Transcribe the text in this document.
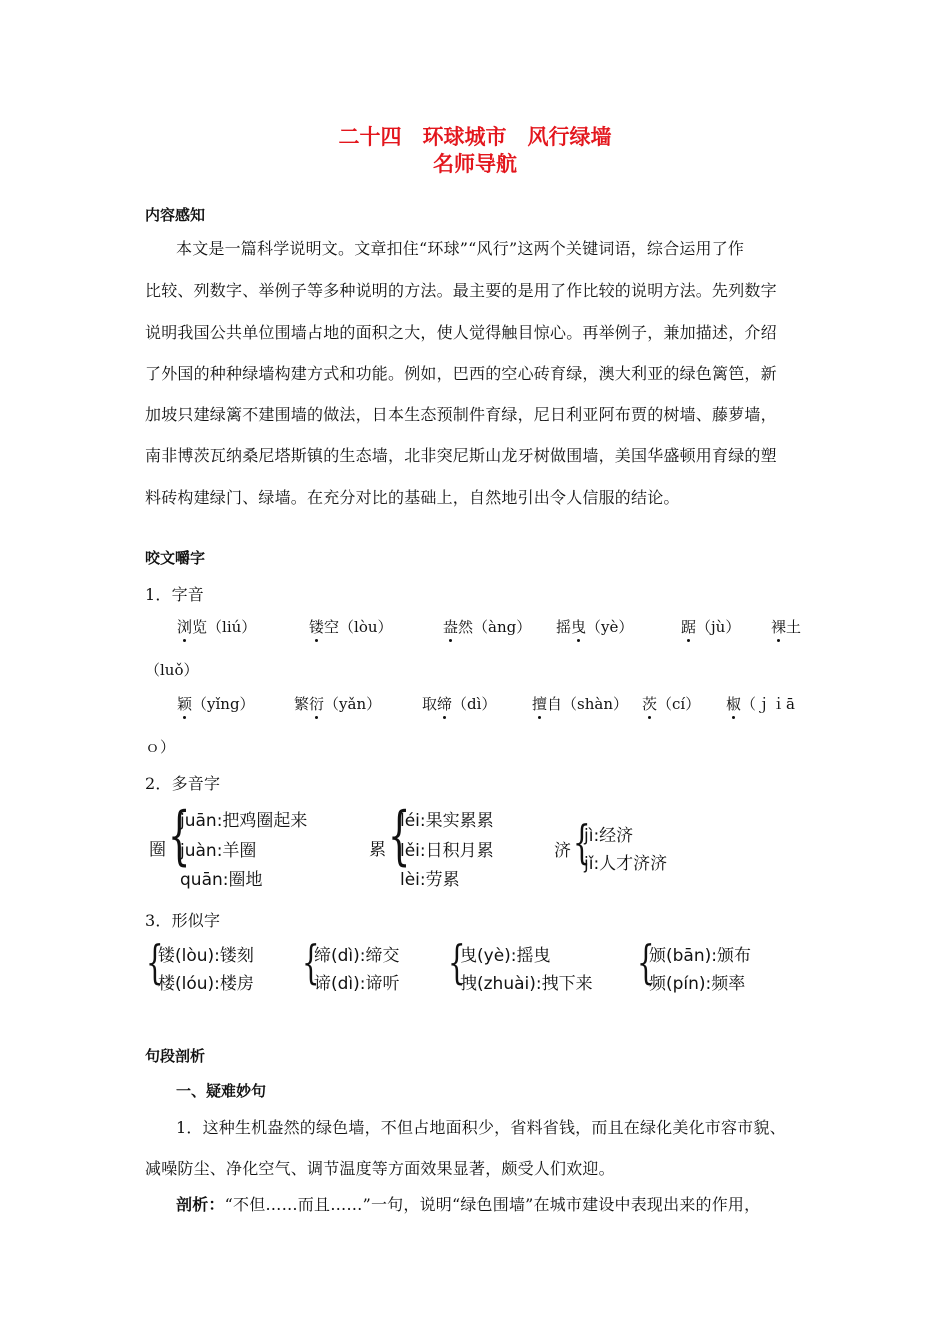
二十四　环球城市　风行绿墙
名师导航
内容感知
本文是一篇科学说明文。文章扣住“环球”“风行”这两个关键词语，综合运用了作
比较、列数字、举例子等多种说明的方法。最主要的是用了作比较的说明方法。先列数字
说明我国公共单位围墙占地的面积之大，使人觉得触目惊心。再举例子，兼加描述，介绍
了外国的种种绿墙构建方式和功能。例如，巴西的空心砖育绿，澳大利亚的绿色篱笆，新
加坡只建绿篱不建围墙的做法，日本生态预制件育绿，尼日利亚阿布贾的树墙、藤萝墙，
南非博茨瓦纳桑尼塔斯镇的生态墙，北非突尼斯山龙牙树做围墙，美国华盛顿用育绿的塑
料砖构建绿门、绿墙。在充分对比的基础上，自然地引出令人信服的结论。
咬文嚼字
1．字音
浏览（liú）	镂空（lòu）	盎然（àng） 摇曳（yè）	踞（jù） 裸土
（luǒ）
颖（yǐng）	繁衍（yǎn）	取缔（dì） 擅自（shàn） 茨（cí） 椒（ｊｉā
ｏ）
2．多音字
圈 {
juān:把鸡圈起来
juàn:羊圈
quān:圈地
累 {
léi:果实累累
lěi:日积月累
lèi:劳累
济 {
jì:经济
jǐ:人才济济
3．形似字
{
镂(lòu):镂刻
楼(lóu):楼房 {
缔(dì):缔交
谛(dì):谛听 {
曳(yè):摇曳
拽(zhuài):拽下来 {
颁(bān):颁布
频(pín):频率
句段剖析
一、疑难妙句
1．这种生机盎然的绿色墙，不但占地面积少，省料省钱，而且在绿化美化市容市貌、
减噪防尘、净化空气、调节温度等方面效果显著，颇受人们欢迎。
剖析：“不但……而且……”一句，说明“绿色围墙”在城市建设中表现出来的作用，
